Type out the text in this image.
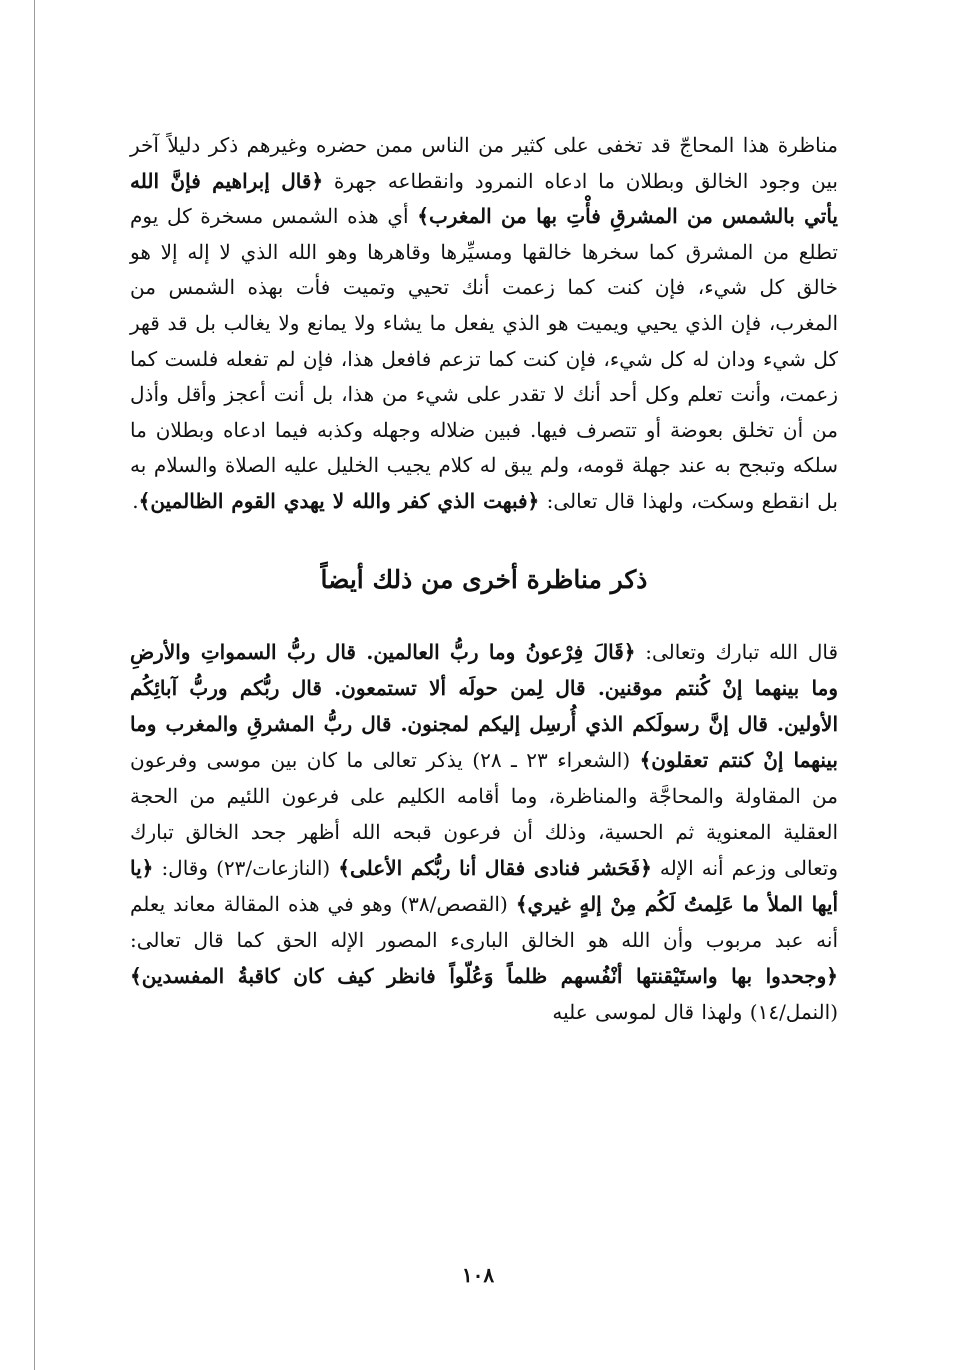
مناظرة هذا المحاجّ قد تخفى على كثير من الناس ممن حضره وغيرهم ذكر دليلاً آخر بين وجود الخالق وبطلان ما ادعاه النمرود وانقطاعه جهرة ﴿قال إبراهيم فإنَّ الله يأتي بالشمس من المشرقِ فأْتِ بها من المغرب﴾ أي هذه الشمس مسخرة كل يوم تطلع من المشرق كما سخرها خالقها ومسيِّرها وقاهرها وهو الله الذي لا إله إلا هو خالق كل شيء، فإن كنت كما زعمت أنك تحيي وتميت فأت بهذه الشمس من المغرب، فإن الذي يحيي ويميت هو الذي يفعل ما يشاء ولا يمانع ولا يغالب بل قد قهر كل شيء ودان له كل شيء، فإن كنت كما تزعم فافعل هذا، فإن لم تفعله فلست كما زعمت، وأنت تعلم وكل أحد أنك لا تقدر على شيء من هذا، بل أنت أعجز وأقل وأذل من أن تخلق بعوضة أو تتصرف فيها. فبين ضلاله وجهله وكذبه فيما ادعاه وبطلان ما سلكه وتبجح به عند جهلة قومه، ولم يبق له كلام يجيب الخليل عليه الصلاة والسلام به بل انقطع وسكت، ولهذا قال تعالى: ﴿فبهت الذي كفر والله لا يهدي القوم الظالمين﴾.

ذكر مناظرة أخرى من ذلك أيضاً

قال الله تبارك وتعالى: ﴿قَالَ فِرْعونُ وما ربُّ العالمين. قال ربُّ السمواتِ والأرضِ وما بينهما إنْ كُنتم موقنين. قال لِمن حولَه ألا تستمعون. قال ربُّكم وربُّ آبائِكُم الأولين. قال إنَّ رسولَكم الذي أُرسِل إليكم لمجنون. قال ربُّ المشرقِ والمغرب وما بينهما إنْ كنتم تعقلون﴾ (الشعراء ٢٣ ـ ٢٨) يذكر تعالى ما كان بين موسى وفرعون من المقاولة والمحاجَّة والمناظرة، وما أقامه الكليم على فرعون اللئيم من الحجة العقلية المعنوية ثم الحسية، وذلك أن فرعون قبحه الله أظهر جحد الخالق تبارك وتعالى وزعم أنه الإله ﴿فَحَشر فنادى فقال أنا ربُّكم الأعلى﴾ (النازعات/٢٣) وقال: ﴿يا أيها الملأ ما عَلِمتُ لَكُم مِنْ إلهٍ غيري﴾ (القصص/٣٨) وهو في هذه المقالة معاند يعلم أنه عبد مربوب وأن الله هو الخالق البارىء المصور الإله الحق كما قال تعالى: ﴿وجحدوا بها واستَيْقنتها أنْفُسهم ظلماً وَعُلّواً فانظر كيف كان كاقبةُ المفسدين﴾ (النمل/١٤) ولهذا قال لموسى عليه

١٠٨
